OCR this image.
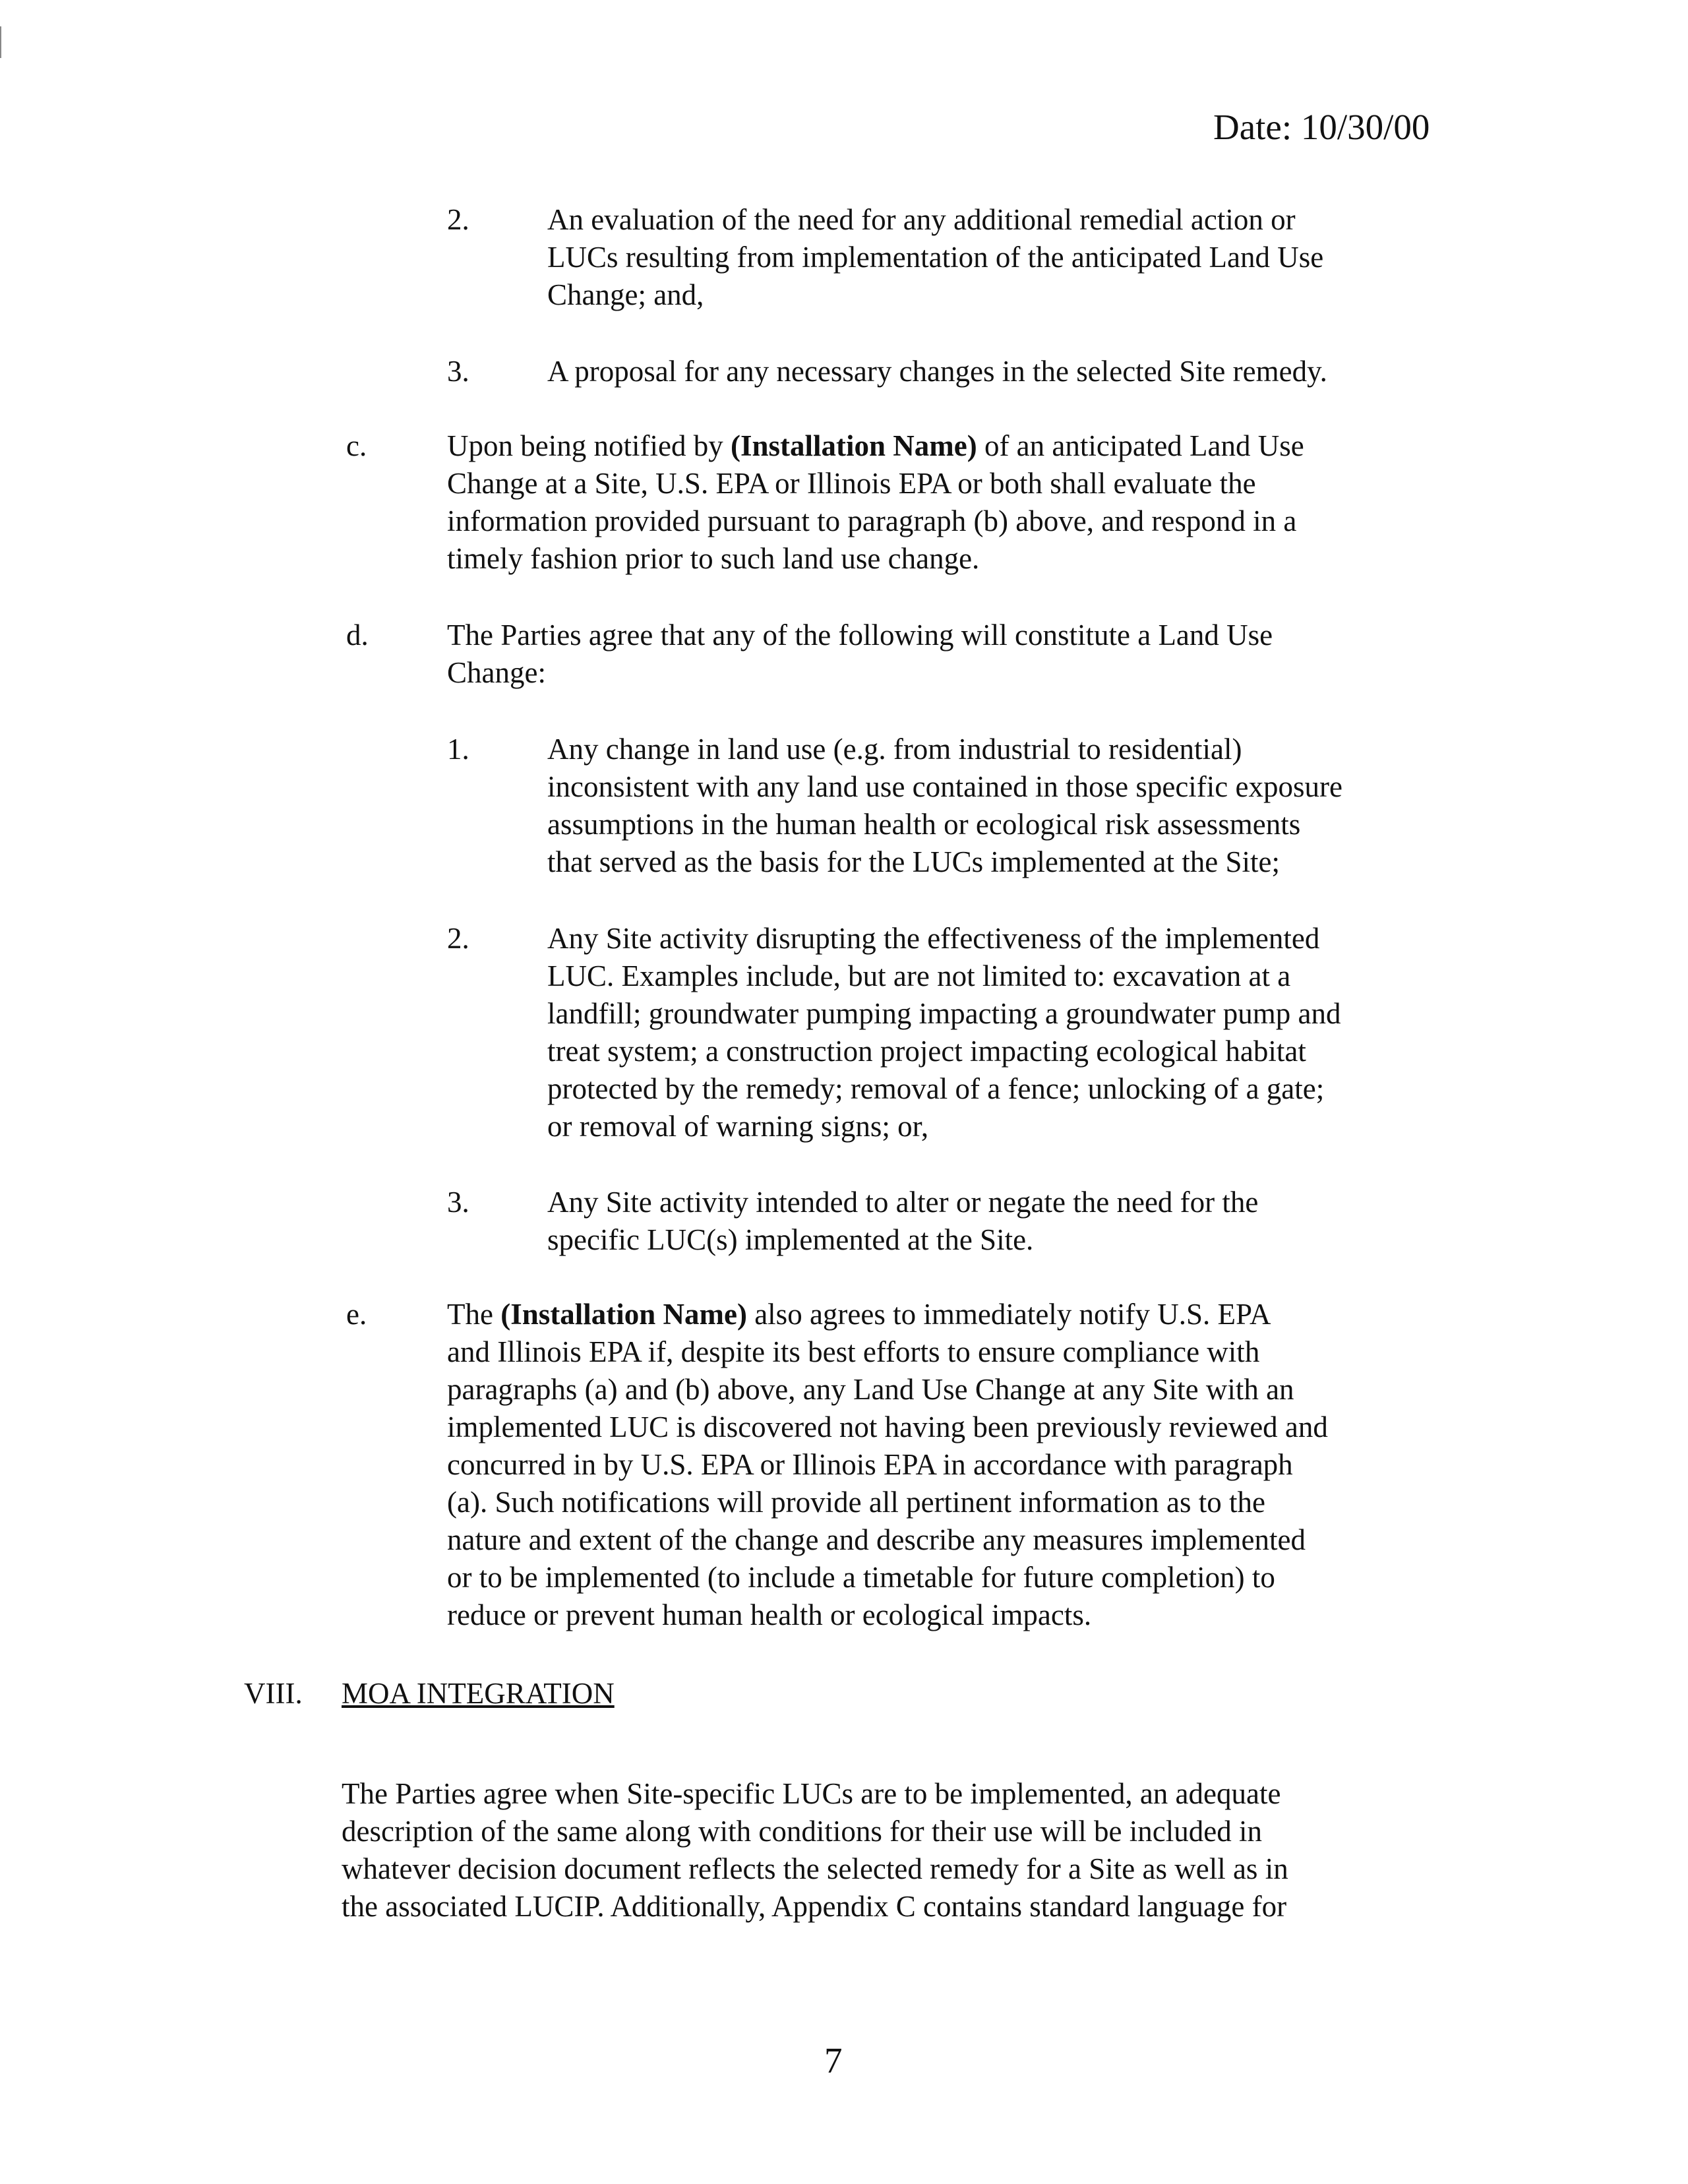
Date: 10/30/00
2.	An evaluation of the need for any additional remedial action or
LUCs resulting from implementation of the anticipated Land Use
Change; and,
3.	A proposal for any necessary changes in the selected Site remedy.
c.	Upon being notified by (Installation Name) of an anticipated Land Use
Change at a Site, U.S. EPA or Illinois EPA or both shall evaluate the
information provided pursuant to paragraph (b) above, and respond in a
timely fashion prior to such land use change.
d.	The Parties agree that any of the following will constitute a Land Use
Change:
1.	Any change in land use (e.g. from industrial to residential)
inconsistent with any land use contained in those specific exposure
assumptions in the human health or ecological risk assessments
that served as the basis for the LUCs implemented at the Site;
2.	Any Site activity disrupting the effectiveness of the implemented
LUC. Examples include, but are not limited to: excavation at a
landfill; groundwater pumping impacting a groundwater pump and
treat system; a construction project impacting ecological habitat
protected by the remedy; removal of a fence; unlocking of a gate;
or removal of warning signs; or,
3.	Any Site activity intended to alter or negate the need for the
specific LUC(s) implemented at the Site.
e.	The (Installation Name) also agrees to immediately notify U.S. EPA
and Illinois EPA if, despite its best efforts to ensure compliance with
paragraphs (a) and (b) above, any Land Use Change at any Site with an
implemented LUC is discovered not having been previously reviewed and
concurred in by U.S. EPA or Illinois EPA in accordance with paragraph
(a). Such notifications will provide all pertinent information as to the
nature and extent of the change and describe any measures implemented
or to be implemented (to include a timetable for future completion) to
reduce or prevent human health or ecological impacts.
VIII. MOA INTEGRATION
The Parties agree when Site-specific LUCs are to be implemented, an adequate
description of the same along with conditions for their use will be included in
whatever decision document reflects the selected remedy for a Site as well as in
the associated LUCIP. Additionally, Appendix C contains standard language for
7
